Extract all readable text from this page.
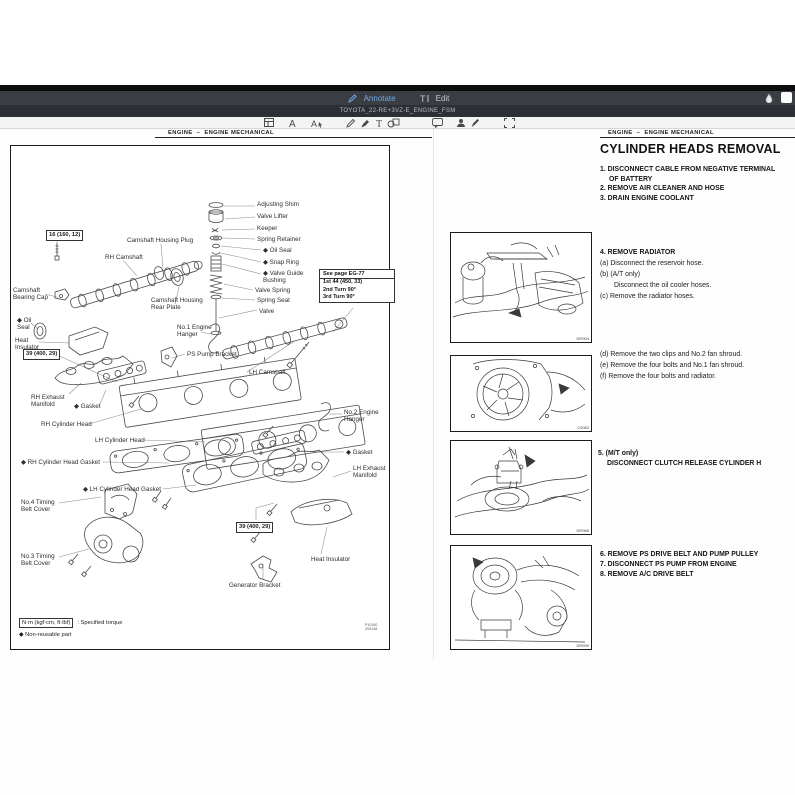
Annotate	T Edit
TOYOTA_22-RE+3VZ-E_ENGINE_FSM
A A	T
ENGINE – ENGINE MECHANICAL
16 (160, 12)
39 (400, 29)
39 (400, 29)
See page EG-77
1st 44 (450, 33)
2nd Turn 90°
3rd Turn 90°
Camshaft Housing Plug
RH Camshaft
Camshaft Bearing Cap	Camshaft Housing Rear Plate
◆ Oil Seal
Heat Insulator
Adjusting Shim
Valve Lifter
Keeper
Spring Retainer
◆ Oil Seal
◆ Snap Ring
◆ Valve Guide Bushing
Valve Spring
Spring Seat
Valve
No.1 Engine Hanger
PS Pump Bracket
LH Camshaft
RH Exhaust Manifold	◆ Gasket
RH Cylinder Head
No.2 Engine Hanger
LH Cylinder Head
◆ Gasket
◆ RH Cylinder Head Gasket
LH Exhaust Manifold
◆ LH Cylinder Head Gasket
No.4 Timing Belt Cover
No.3 Timing Belt Cover
Heat Insulator
Generator Bracket
N·m (kgf·cm, ft·lbf)	: Specified torque
◆ Non-reusable part
P10160
Z05148
ENGINE – ENGINE MECHANICAL
CYLINDER HEADS REMOVAL
1. DISCONNECT CABLE FROM NEGATIVE TERMINAL
OF BATTERY
2. REMOVE AIR CLEANER AND HOSE
3. DRAIN ENGINE COOLANT
DR904
4. REMOVE RADIATOR
(a) Disconnect the reservoir hose.
(b) (A/T only)
Disconnect the oil cooler hoses.
(c) Remove the radiator hoses.
C0082
(d) Remove the two clips and No.2 fan shroud.
(e) Remove the four bolts and No.1 fan shroud.
(f) Remove the four bolts and radiator.
DR965
5. (M/T only)
DISCONNECT CLUTCH RELEASE CYLINDER H
DR595
6. REMOVE PS DRIVE BELT AND PUMP PULLEY
7. DISCONNECT PS PUMP FROM ENGINE
8. REMOVE A/C DRIVE BELT
